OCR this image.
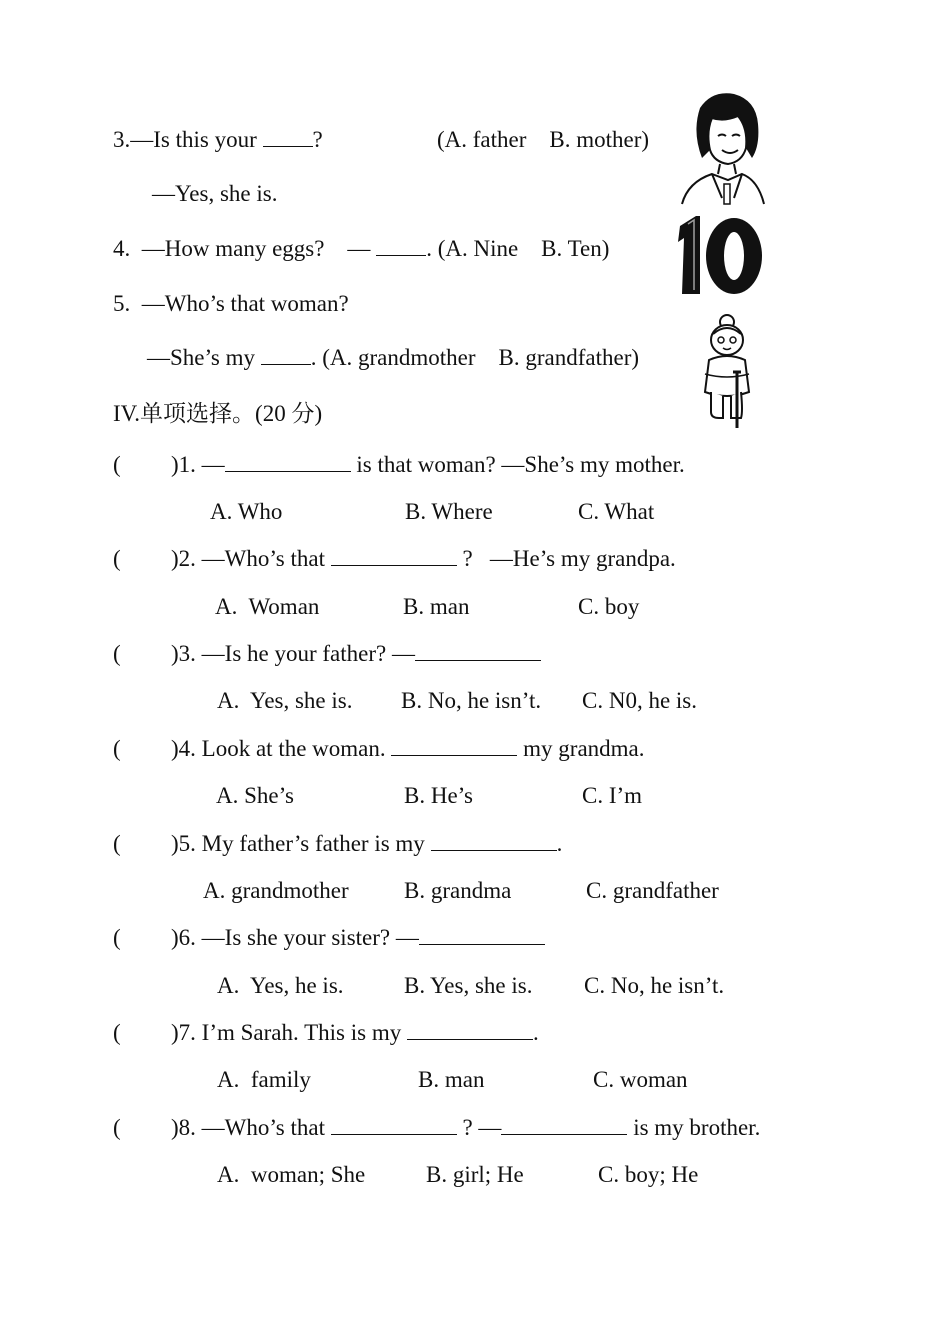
3.—Is this your ?	(A. father    B. mother)
—Yes, she is.
4.  —How many eggs?    — . (A. Nine    B. Ten)
5.  —Who’s that woman?
—She’s my . (A. grandmother    B. grandfather)
IV.单项选择。(20 分)
( )1. —	is that woman? —She’s my mother.
A. Who	B. Where	C. What
( )2. —Who’s that	?   —He’s my grandpa.
A.  Woman	B. man	C. boy
( )3. —Is he your father? —
A.  Yes, she is. B. No, he isn’t. C. N0, he is.
( )4. Look at the woman.	my grandma.
A. She’s	B. He’s	C. I’m
( )5. My father’s father is my	.
A. grandmother B. grandma	C. grandfather
( )6. —Is she your sister? —
A.  Yes, he is.	B. Yes, she is. C. No, he isn’t.
( )7. I’m Sarah. This is my	.
A.  family	B. man	C. woman
( )8. —Who’s that	? —	is my brother.
A.  woman; She	B. girl; He	C. boy; He
